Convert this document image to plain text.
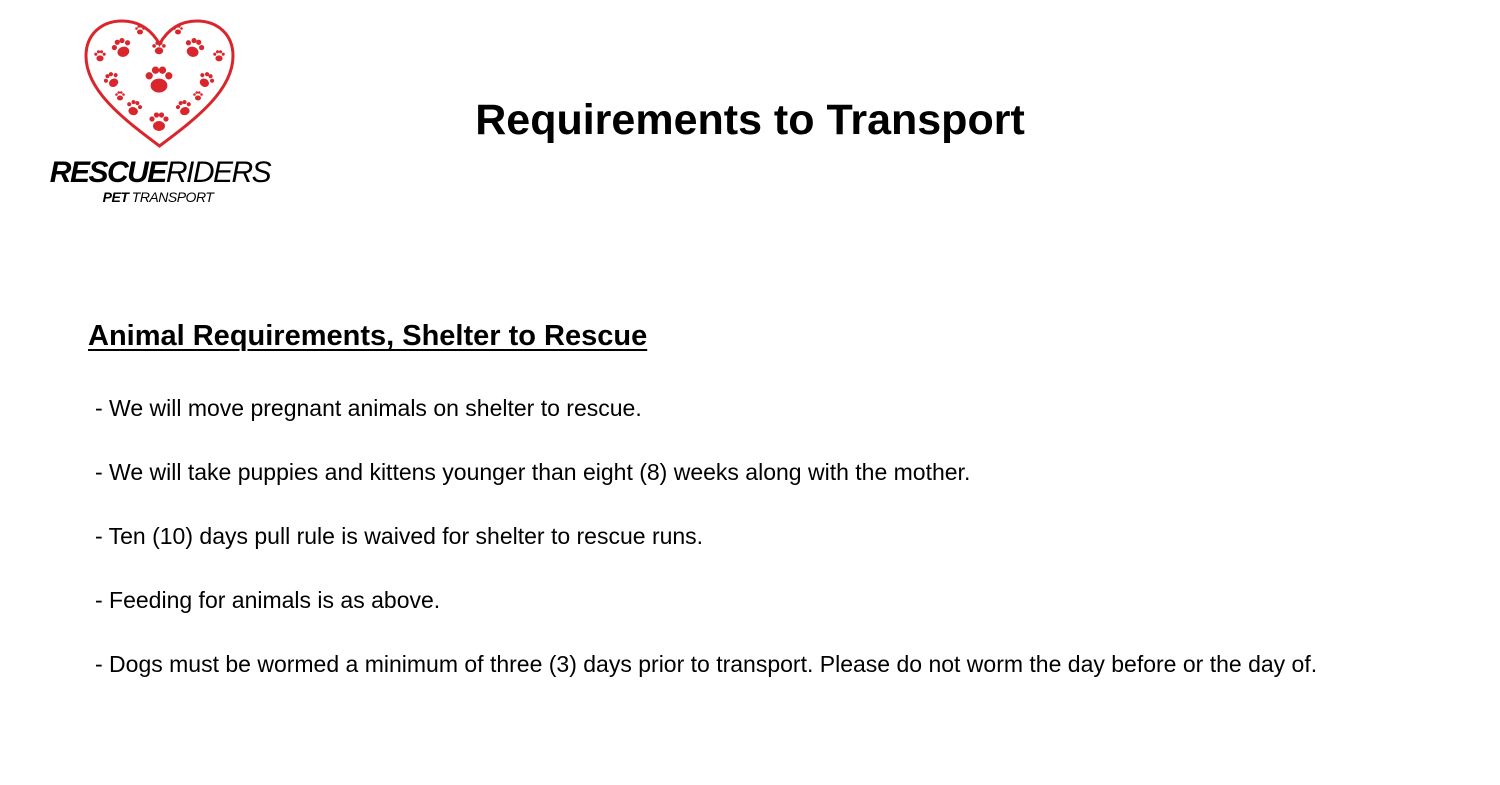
RESCUERIDERS
PET TRANSPORT
Requirements to Transport
Animal Requirements, Shelter to Rescue
- We will move pregnant animals on shelter to rescue.
- We will take puppies and kittens younger than eight (8) weeks along with the mother.
- Ten (10) days pull rule is waived for shelter to rescue runs.
- Feeding for animals is as above.
- Dogs must be wormed a minimum of three (3) days prior to transport. Please do not worm the day before or the day of.
